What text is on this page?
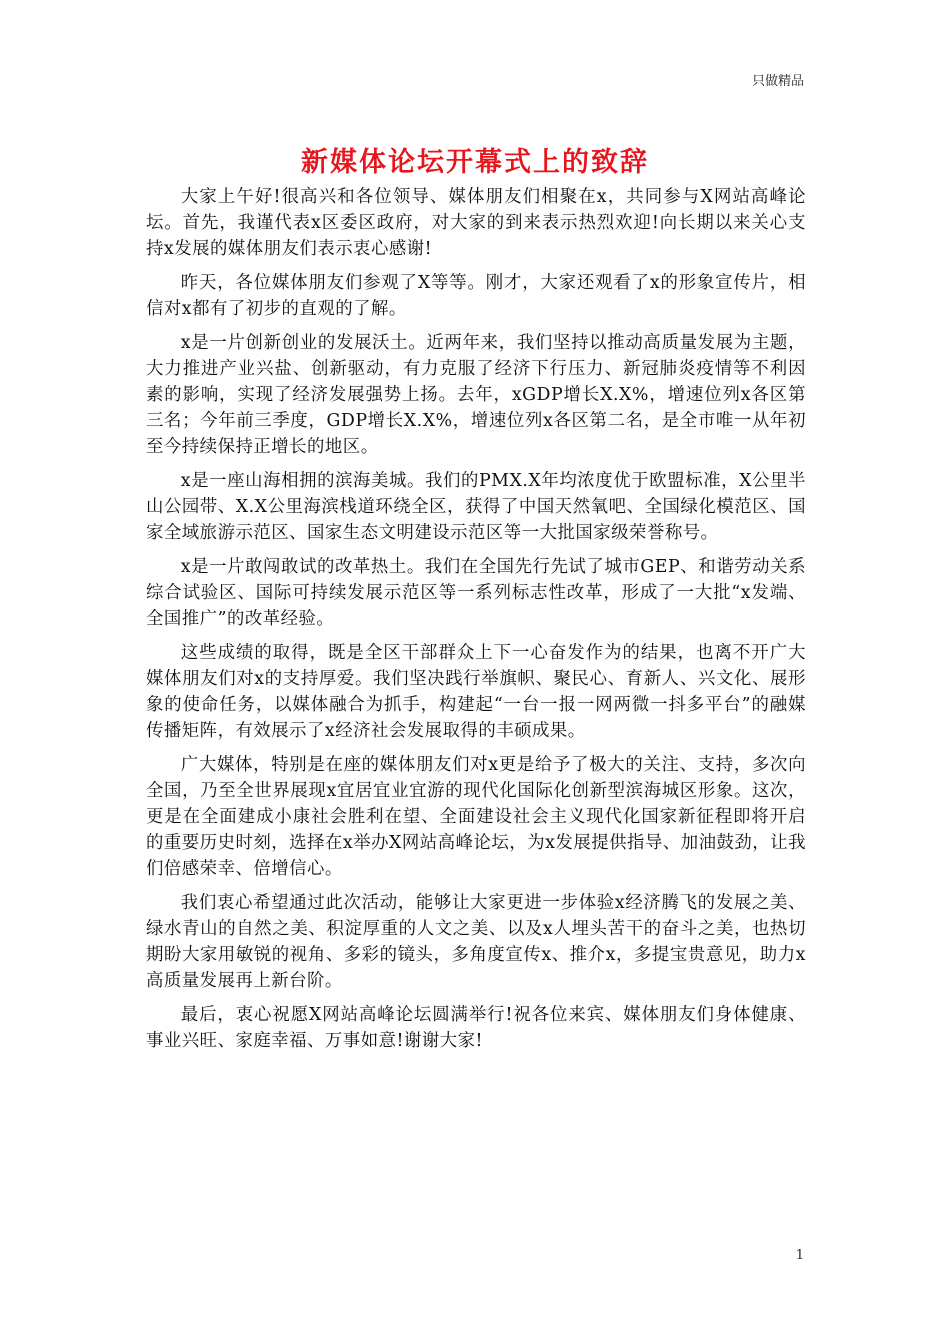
只做精品
新媒体论坛开幕式上的致辞

大家上午好!很高兴和各位领导、媒体朋友们相聚在x，共同参与X网站高峰论坛。首先，我谨代表x区委区政府，对大家的到来表示热烈欢迎!向长期以来关心支持x发展的媒体朋友们表示衷心感谢!

昨天，各位媒体朋友们参观了X等等。刚才，大家还观看了x的形象宣传片，相信对x都有了初步的直观的了解。

x是一片创新创业的发展沃土。近两年来，我们坚持以推动高质量发展为主题，大力推进产业兴盐、创新驱动，有力克服了经济下行压力、新冠肺炎疫情等不利因素的影响，实现了经济发展强势上扬。去年，xGDP增长X.X%，增速位列x各区第三名；今年前三季度，GDP增长X.X%，增速位列x各区第二名，是全市唯一从年初至今持续保持正增长的地区。

x是一座山海相拥的滨海美城。我们的PMX.X年均浓度优于欧盟标准，X公里半山公园带、X.X公里海滨栈道环绕全区，获得了中国天然氧吧、全国绿化模范区、国家全域旅游示范区、国家生态文明建设示范区等一大批国家级荣誉称号。

x是一片敢闯敢试的改革热土。我们在全国先行先试了城市GEP、和谐劳动关系综合试验区、国际可持续发展示范区等一系列标志性改革，形成了一大批“x发端、全国推广”的改革经验。

这些成绩的取得，既是全区干部群众上下一心奋发作为的结果，也离不开广大媒体朋友们对x的支持厚爱。我们坚决践行举旗帜、聚民心、育新人、兴文化、展形象的使命任务，以媒体融合为抓手，构建起“一台一报一网两微一抖多平台”的融媒传播矩阵，有效展示了x经济社会发展取得的丰硕成果。

广大媒体，特别是在座的媒体朋友们对x更是给予了极大的关注、支持，多次向全国，乃至全世界展现x宜居宜业宜游的现代化国际化创新型滨海城区形象。这次，更是在全面建成小康社会胜利在望、全面建设社会主义现代化国家新征程即将开启的重要历史时刻，选择在x举办X网站高峰论坛，为x发展提供指导、加油鼓劲，让我们倍感荣幸、倍增信心。

我们衷心希望通过此次活动，能够让大家更进一步体验x经济腾飞的发展之美、绿水青山的自然之美、积淀厚重的人文之美、以及x人埋头苦干的奋斗之美，也热切期盼大家用敏锐的视角、多彩的镜头，多角度宣传x、推介x，多提宝贵意见，助力x高质量发展再上新台阶。

最后，衷心祝愿X网站高峰论坛圆满举行!祝各位来宾、媒体朋友们身体健康、事业兴旺、家庭幸福、万事如意!谢谢大家!

1
